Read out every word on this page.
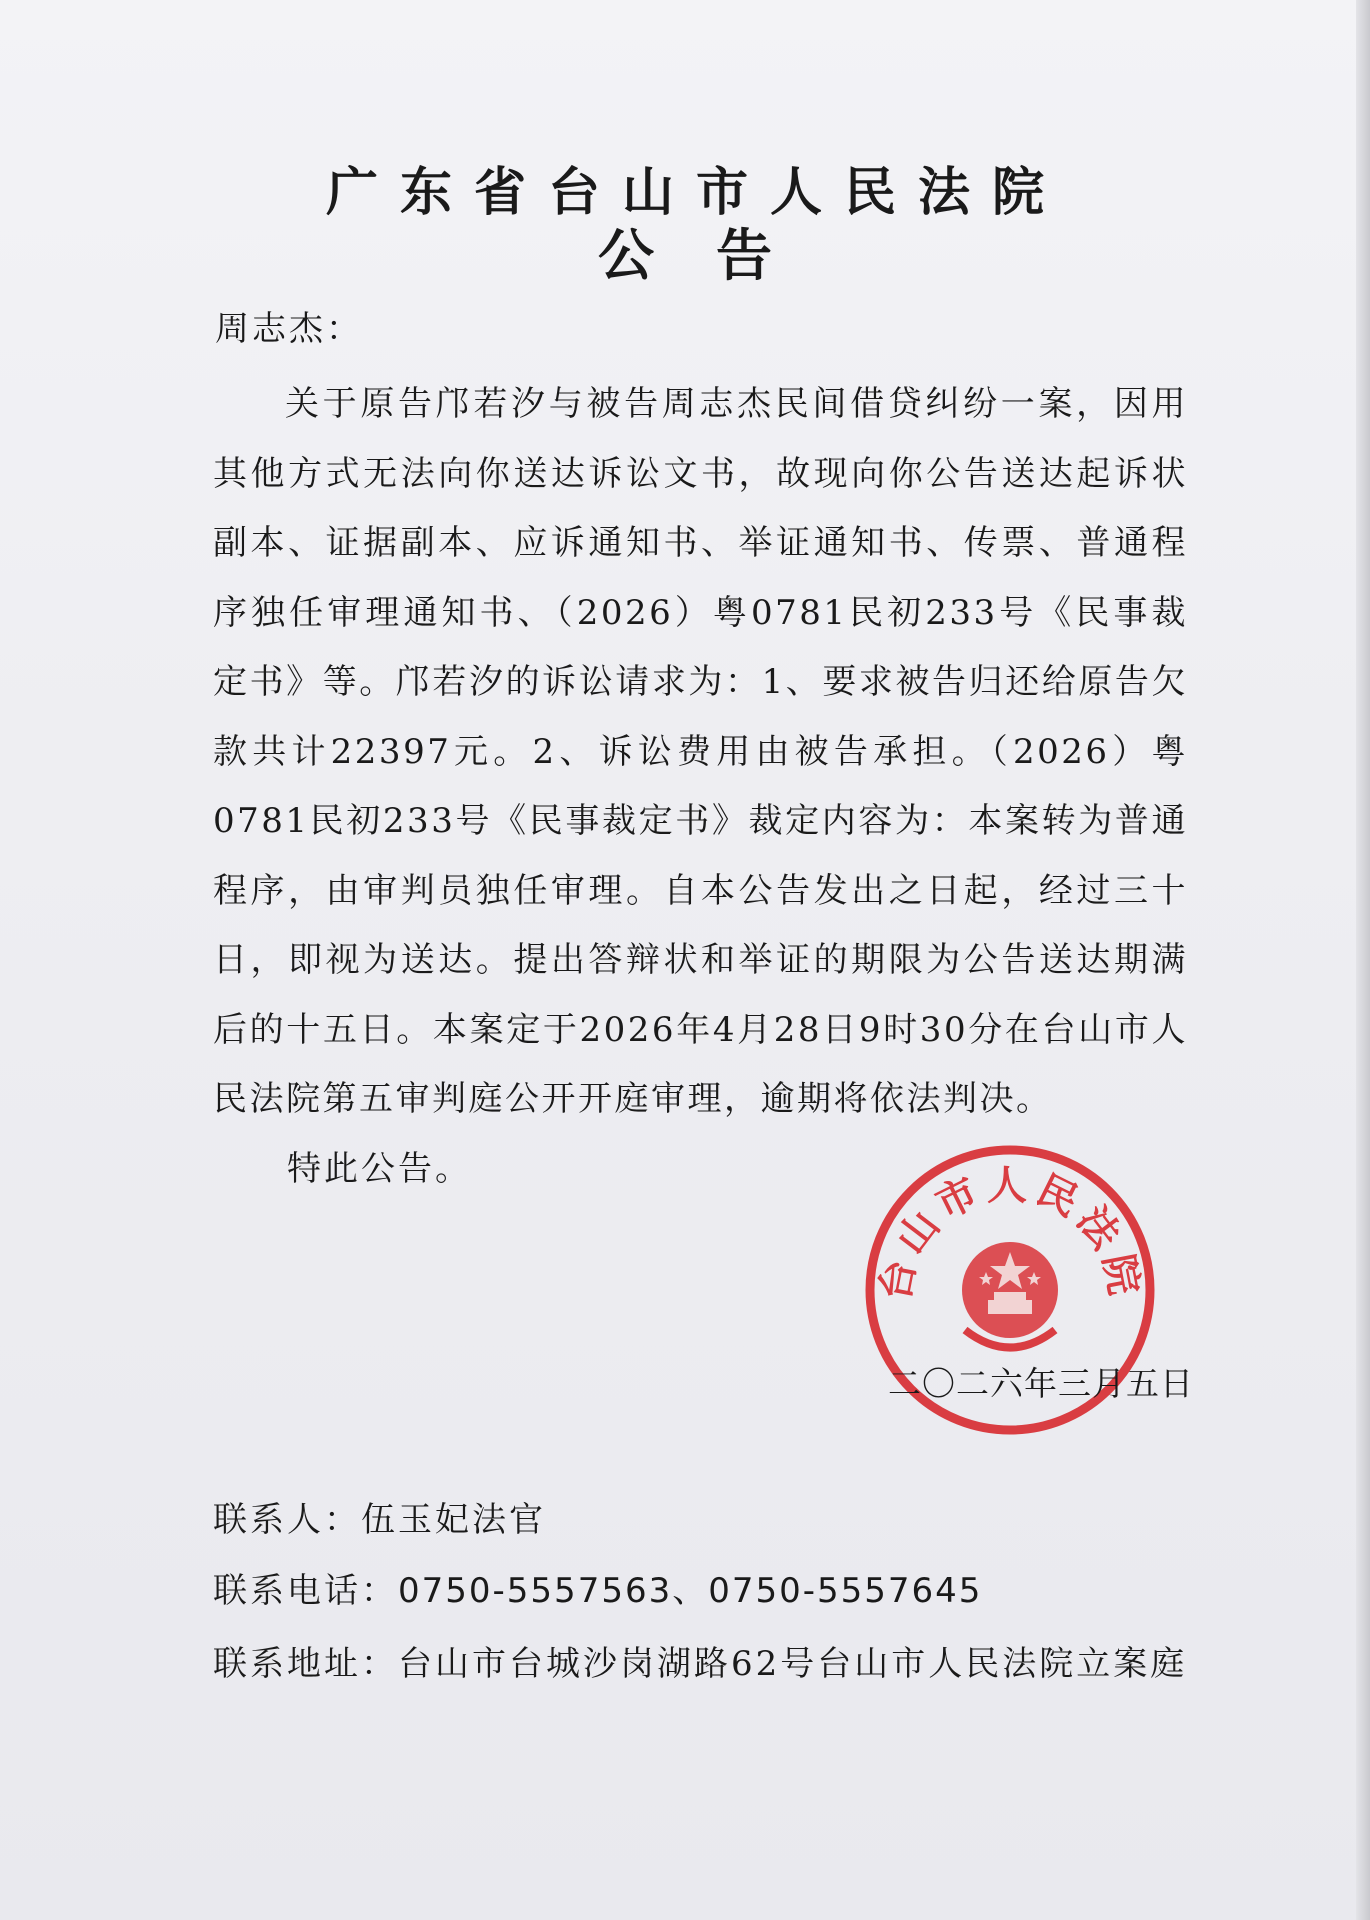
广东省台山市人民法院
公告
周志杰：

关于原告邝若汐与被告周志杰民间借贷纠纷一案，因用其他方式无法向你送达诉讼文书，故现向你公告送达起诉状副本、证据副本、应诉通知书、举证通知书、传票、普通程序独任审理通知书、（2026）粤0781民初233号《民事裁定书》等。邝若汐的诉讼请求为：1、要求被告归还给原告欠款共计22397元。2、诉讼费用由被告承担。（2026）粤0781民初233号《民事裁定书》裁定内容为：本案转为普通程序，由审判员独任审理。自本公告发出之日起，经过三十日，即视为送达。提出答辩状和举证的期限为公告送达期满后的十五日。本案定于2026年4月28日9时30分在台山市人民法院第五审判庭公开开庭审理，逾期将依法判决。

特此公告。
台山市人民法院
二〇二六年三月五日
联系人：伍玉妃法官
联系电话：0750-5557563、0750-5557645
联系地址：台山市台城沙岗湖路62号台山市人民法院立案庭
